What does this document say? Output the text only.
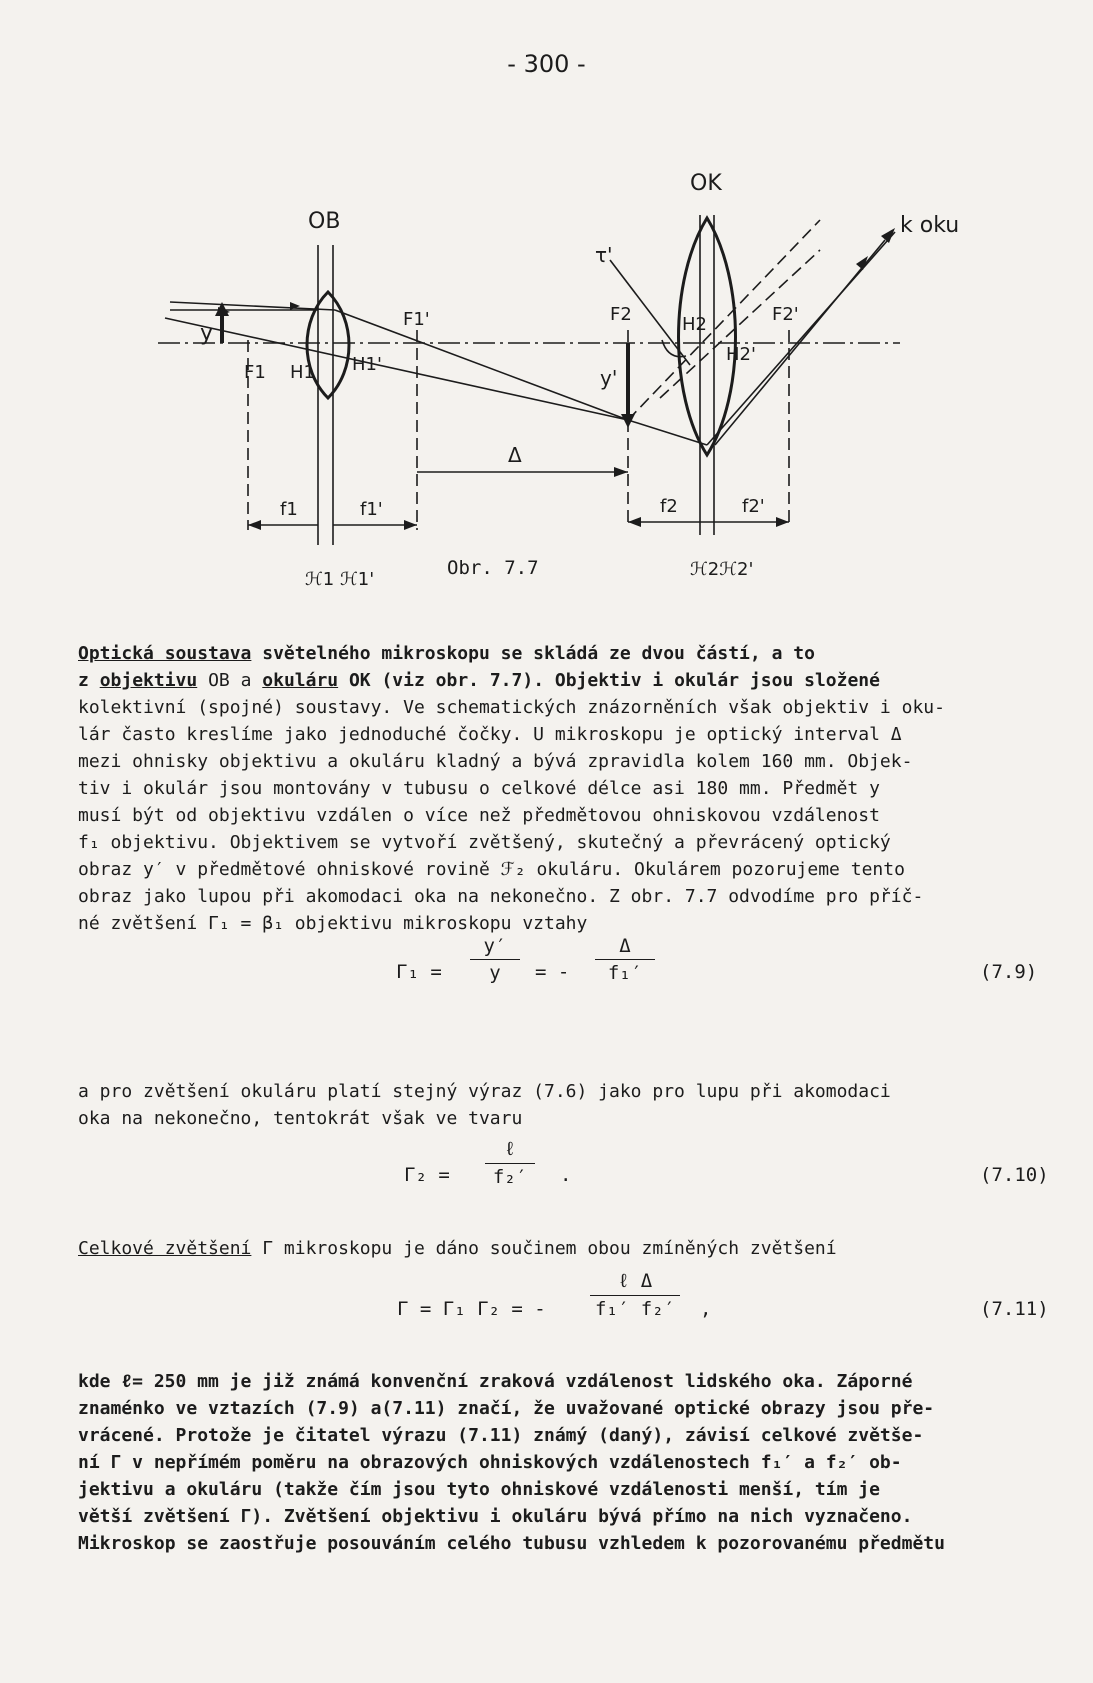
- 300 -
OB
OK
k oku
y
y'
τ'
Δ
F1
F1'	F2	F2'
H1 H1'
H2
H2'
f1	f1'	f2	f2'
ℋ1 ℋ1'	ℋ2ℋ2'
Obr. 7.7
Optická soustava světelného mikroskopu se skládá ze dvou částí, a to
z objektivu OB a okuláru OK (viz obr. 7.7). Objektiv i okulár jsou složené
kolektivní (spojné) soustavy. Ve schematických znázorněních však objektiv i oku-
lár často kreslíme jako jednoduché čočky. U mikroskopu je optický interval Δ
mezi ohnisky objektivu a okuláru kladný a bývá zpravidla kolem 160 mm. Objek-
tiv i okulár jsou montovány v tubusu o celkové délce asi 180 mm. Předmět y
musí být od objektivu vzdálen o více než předmětovou ohniskovou vzdálenost
f₁ objektivu. Objektivem se vytvoří zvětšený, skutečný a převrácený optický
obraz y′ v předmětové ohniskové rovině ℱ₂ okuláru. Okulárem pozorujeme tento
obraz jako lupou při akomodaci oka na nekonečno. Z obr. 7.7 odvodíme pro příč-
né zvětšení Γ₁ = β₁ objektivu mikroskopu vztahy
$\Gamma_1 = \frac{y'}{y}$ = - $\frac{\Delta}{\text{f₁′}}$	(7.9)
a pro zvětšení okuláru platí stejný výraz (7.6) jako pro lupu při akomodaci
oka na nekonečno, tentokrát však ve tvaru
Γ₂ =
ℓ
f₂′	.	(7.10)
Celkové zvětšení Γ mikroskopu je dáno součinem obou zmíněných zvětšení
Γ = Γ₁ Γ₂ = -
ℓ Δ
f₁′ f₂′ ,	(7.11)
kde ℓ= 250 mm je již známá konvenční zraková vzdálenost lidského oka. Záporné
znaménko ve vztazích (7.9) a(7.11) značí, že uvažované optické obrazy jsou pře-
vrácené. Protože je čitatel výrazu (7.11) známý (daný), závisí celkové zvětše-
ní Γ v nepřímém poměru na obrazových ohniskových vzdálenostech f₁′ a f₂′ ob-
jektivu a okuláru (takže čím jsou tyto ohniskové vzdálenosti menší, tím je
větší zvětšení Γ). Zvětšení objektivu i okuláru bývá přímo na nich vyznačeno.
Mikroskop se zaostřuje posouváním celého tubusu vzhledem k pozorovanému předmětu
